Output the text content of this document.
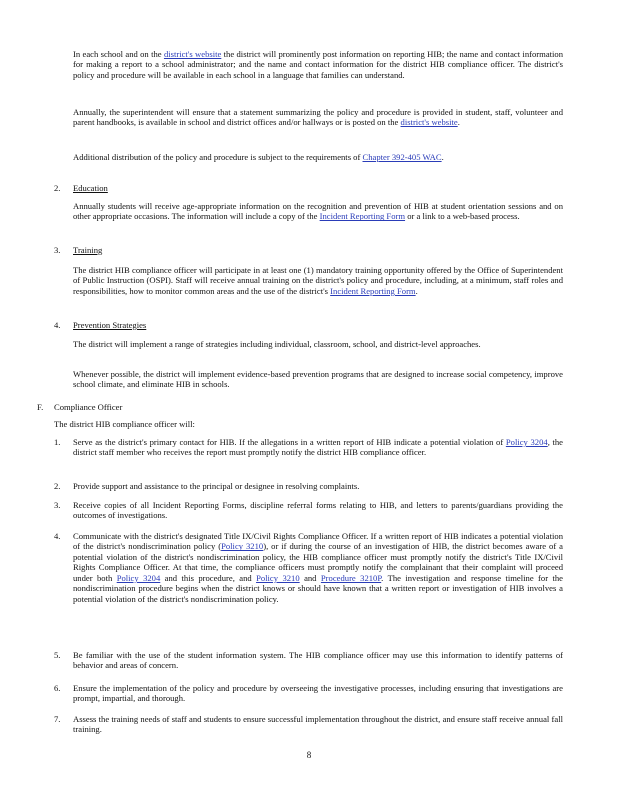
In each school and on the district's website the district will prominently post information on reporting HIB; the name and contact information for making a report to a school administrator; and the name and contact information for the district HIB compliance officer. The district's policy and procedure will be available in each school in a language that families can understand.
Annually, the superintendent will ensure that a statement summarizing the policy and procedure is provided in student, staff, volunteer and parent handbooks, is available in school and district offices and/or hallways or is posted on the district's website.
Additional distribution of the policy and procedure is subject to the requirements of Chapter 392-405 WAC.
2.	Education
Annually students will receive age-appropriate information on the recognition and prevention of HIB at student orientation sessions and on other appropriate occasions. The information will include a copy of the Incident Reporting Form or a link to a web-based process.
3.	Training
The district HIB compliance officer will participate in at least one (1) mandatory training opportunity offered by the Office of Superintendent of Public Instruction (OSPI). Staff will receive annual training on the district's policy and procedure, including, at a minimum, staff roles and responsibilities, how to monitor common areas and the use of the district's Incident Reporting Form.
4.	Prevention Strategies
The district will implement a range of strategies including individual, classroom, school, and district-level approaches.
Whenever possible, the district will implement evidence-based prevention programs that are designed to increase social competency, improve school climate, and eliminate HIB in schools.
F.	Compliance Officer
The district HIB compliance officer will:
1.	Serve as the district's primary contact for HIB. If the allegations in a written report of HIB indicate a potential violation of Policy 3204, the district staff member who receives the report must promptly notify the district HIB compliance officer.
2.	Provide support and assistance to the principal or designee in resolving complaints.
3.	Receive copies of all Incident Reporting Forms, discipline referral forms relating to HIB, and letters to parents/guardians providing the outcomes of investigations.
4.	Communicate with the district's designated Title IX/Civil Rights Compliance Officer. If a written report of HIB indicates a potential violation of the district's nondiscrimination policy (Policy 3210), or if during the course of an investigation of HIB, the district becomes aware of a potential violation of the district's nondiscrimination policy, the HIB compliance officer must promptly notify the district's Title IX/Civil Rights Compliance Officer. At that time, the compliance officers must promptly notify the complainant that their complaint will proceed under both Policy 3204 and this procedure, and Policy 3210 and Procedure 3210P. The investigation and response timeline for the nondiscrimination procedure begins when the district knows or should have known that a written report or investigation of HIB involves a potential violation of the district's nondiscrimination policy.
5.	Be familiar with the use of the student information system. The HIB compliance officer may use this information to identify patterns of behavior and areas of concern.
6.	Ensure the implementation of the policy and procedure by overseeing the investigative processes, including ensuring that investigations are prompt, impartial, and thorough.
7.	Assess the training needs of staff and students to ensure successful implementation throughout the district, and ensure staff receive annual fall training.
8
